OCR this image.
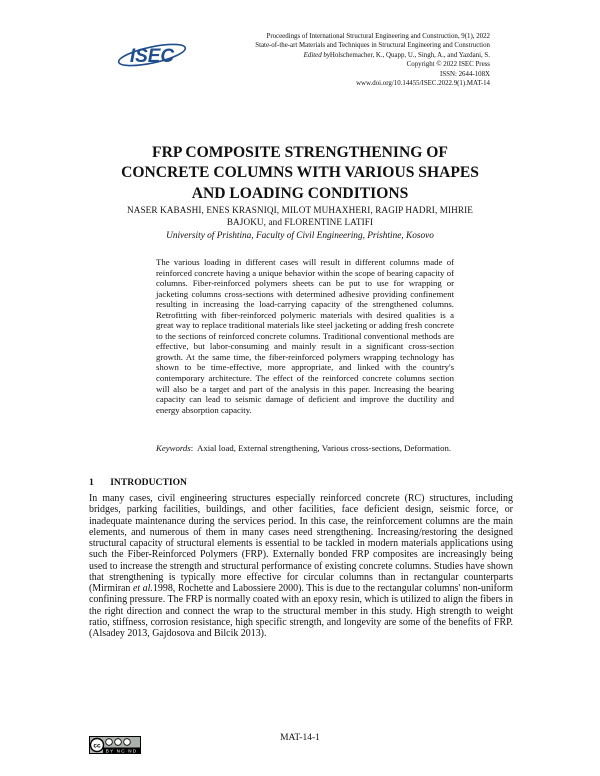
ISEC
Proceedings of International Structural Engineering and Construction, 9(1), 2022
State-of-the-art Materials and Techniques in Structural Engineering and Construction
Edited byHolschemacher, K., Quapp, U., Singh, A., and Yazdani, S.
Copyright © 2022 ISEC Press
ISSN: 2644-108X
www.doi.org/10.14455/ISEC.2022.9(1).MAT-14
FRP COMPOSITE STRENGTHENING OF
CONCRETE COLUMNS WITH VARIOUS SHAPES
AND LOADING CONDITIONS
NASER KABASHI, ENES KRASNIQI, MILOT MUHAXHERI, RAGIP HADRI, MIHRIE
BAJOKU, and FLORENTINE LATIFI
University of Prishtina, Faculty of Civil Engineering, Prishtine, Kosovo

The various loading in different cases will result in different columns made of reinforced concrete having a unique behavior within the scope of bearing capacity of columns. Fiber-reinforced polymers sheets can be put to use for wrapping or jacketing columns cross-sections with determined adhesive providing confinement resulting in increasing the load-carrying capacity of the strengthened columns. Retrofitting with fiber-reinforced polymeric materials with desired qualities is a great way to replace traditional materials like steel jacketing or adding fresh concrete to the sections of reinforced concrete columns. Traditional conventional methods are effective, but labor-consuming and mainly result in a significant cross-section growth. At the same time, the fiber-reinforced polymers wrapping technology has shown to be time-effective, more appropriate, and linked with the country's contemporary architecture. The effect of the reinforced concrete columns section will also be a target and part of the analysis in this paper. Increasing the bearing capacity can lead to seismic damage of deficient and improve the ductility and energy absorption capacity.

Keywords:  Axial load, External strengthening, Various cross-sections, Deformation.
1 INTRODUCTION

In many cases, civil engineering structures especially reinforced concrete (RC) structures, including bridges, parking facilities, buildings, and other facilities, face deficient design, seismic force, or inadequate maintenance during the services period. In this case, the reinforcement columns are the main elements, and numerous of them in many cases need strengthening. Increasing/restoring the designed structural capacity of structural elements is essential to be tackled in modern materials applications using such the Fiber-Reinforced Polymers (FRP). Externally bonded FRP composites are increasingly being used to increase the strength and structural performance of existing concrete columns. Studies have shown that strengthening is typically more effective for circular columns than in rectangular counterparts (Mirmiran et al.1998, Rochette and Labossiere 2000). This is due to the rectangular columns' non-uniform confining pressure. The FRP is normally coated with an epoxy resin, which is utilized to align the fibers in the right direction and connect the wrap to the structural member in this study. High strength to weight ratio, stiffness, corrosion resistance, high specific strength, and longevity are some of the benefits of FRP. (Alsadey 2013, Gajdosova and Bilcik 2013).

cc
BY NC ND
MAT-14-1
